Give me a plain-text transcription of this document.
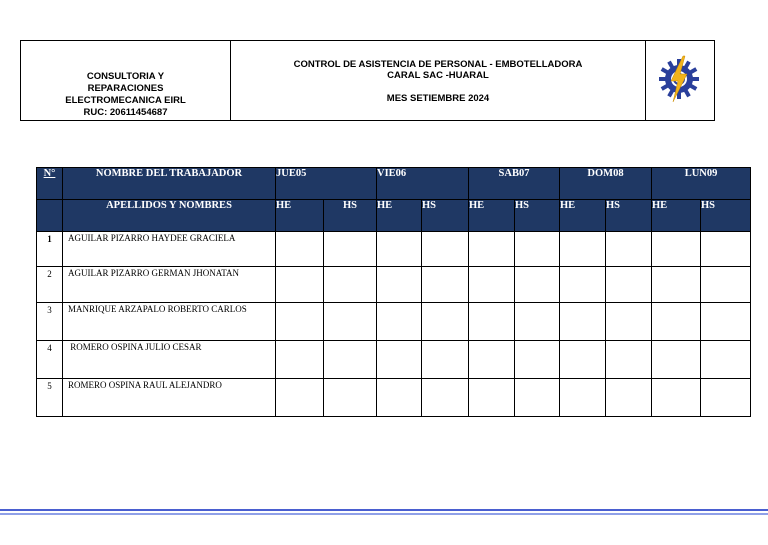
CONSULTORIA Y
REPARACIONES
ELECTROMECANICA EIRL
RUC: 20611454687
CONTROL DE ASISTENCIA DE PERSONAL - EMBOTELLADORA
CARAL SAC -HUARAL
MES SETIEMBRE 2024
N°	NOMBRE DEL TRABAJADOR	JUE05		VIE06		SAB07		DOM08		LUN09	
	APELLIDOS Y NOMBRES	HE	HS	HE	HS	HE	HS	HE	HS	HE	HS
1	AGUILAR PIZARRO HAYDEE GRACIELA										
2	AGUILAR PIZARRO GERMAN JHONATAN										
3	MANRIQUE ARZAPALO ROBERTO CARLOS										
4	ROMERO OSPINA JULIO CESAR										
5	ROMERO OSPINA RAUL ALEJANDRO										
